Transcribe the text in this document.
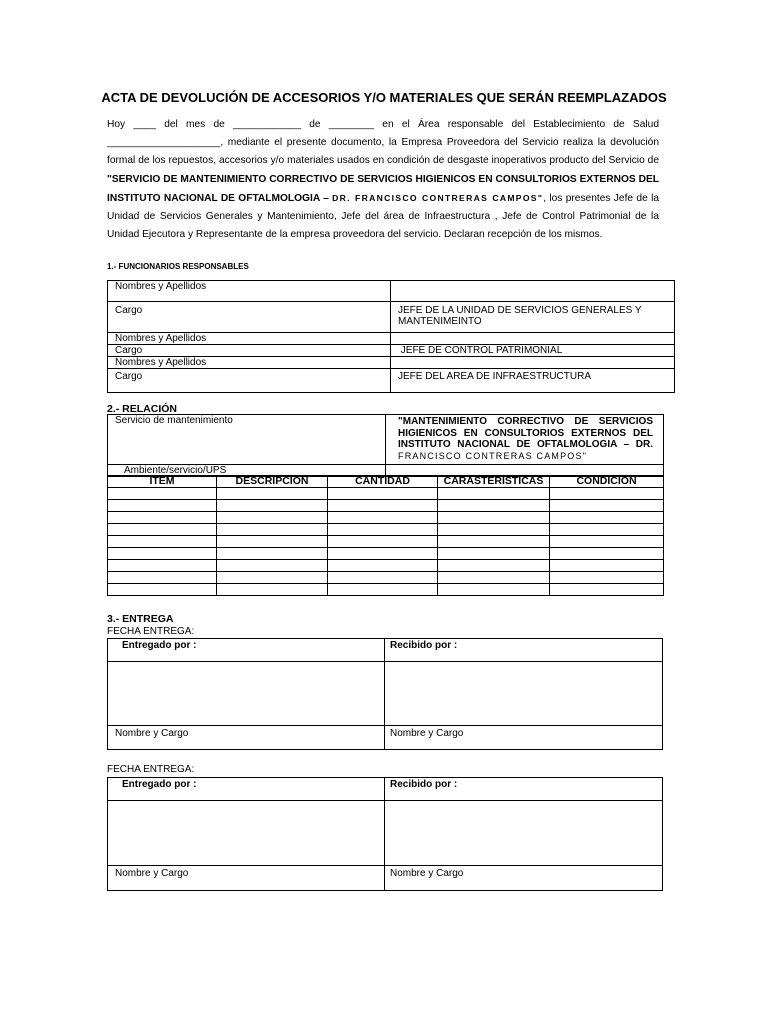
ACTA DE DEVOLUCIÓN DE ACCESORIOS Y/O MATERIALES QUE SERÁN REEMPLAZADOS
Hoy ____ del mes de ____________ de ________ en el Área responsable del Establecimiento de Salud ____________________, mediante el presente documento, la Empresa Proveedora del Servicio realiza la devolución formal de los repuestos, accesorios y/o materiales usados en condición de desgaste inoperativos producto del Servicio de "SERVICIO DE MANTENIMIENTO CORRECTIVO DE SERVICIOS HIGIENICOS EN CONSULTORIOS EXTERNOS DEL INSTITUTO NACIONAL DE OFTALMOLOGIA – DR. FRANCISCO CONTRERAS CAMPOS", los presentes Jefe de la Unidad de Servicios Generales y Mantenimiento, Jefe del área de Infraestructura , Jefe de Control Patrimonial de la Unidad Ejecutora y Representante de la empresa proveedora del servicio. Declaran recepción de los mismos.
1.- FUNCIONARIOS RESPONSABLES
Nombres y Apellidos	
Cargo	JEFE DE LA UNIDAD DE SERVICIOS GENERALES Y MANTENIMEINTO
Nombres y Apellidos	
Cargo	JEFE DE CONTROL PATRIMONIAL
Nombres y Apellidos	
Cargo	JEFE DEL AREA DE INFRAESTRUCTURA
2.- RELACIÓN
Servicio de mantenimiento	"MANTENIMIENTO CORRECTIVO DE SERVICIOS HIGIENICOS EN CONSULTORIOS EXTERNOS DEL INSTITUTO NACIONAL DE OFTALMOLOGIA – DR. FRANCISCO CONTRERAS CAMPOS"
Ambiente/servicio/UPS	
ITEM	DESCRIPCION	CANTIDAD	CARASTERISTICAS	CONDICION

3.- ENTREGA
FECHA ENTREGA:
Entregado por :	Recibido por :

Nombre y Cargo	Nombre y Cargo
FECHA ENTREGA:
Entregado por :	Recibido por :

Nombre y Cargo	Nombre y Cargo
